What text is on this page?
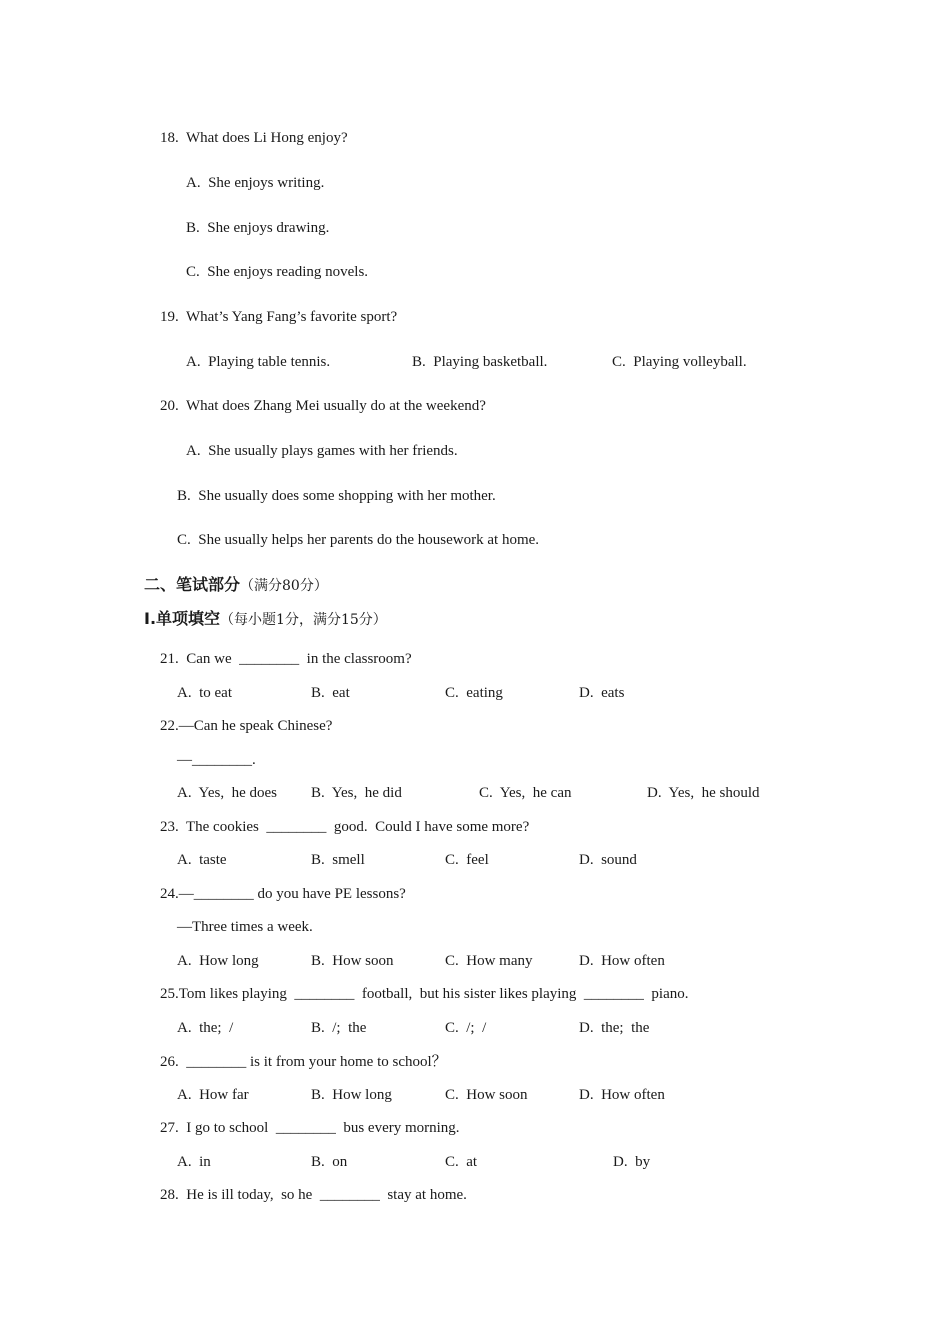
18.  What does Li Hong enjoy?
A.  She enjoys writing.
B.  She enjoys drawing.
C.  She enjoys reading novels.
19.  What’s Yang Fang’s favorite sport?
A.  Playing table tennis.	B.  Playing basketball.	C.  Playing volleyball.
20.  What does Zhang Mei usually do at the weekend?
A.  She usually plays games with her friends.
B.  She usually does some shopping with her mother.
C.  She usually helps her parents do the housework at home.
二、笔试部分（满分80分）
I.单项填空（每小题1分，满分15分）
21.  Can we  ________  in the classroom?
A.  to eat	B.  eat	C.  eating	D.  eats
22.—Can he speak Chinese?
—________.
A.  Yes,  he does B.  Yes,  he did	C.  Yes,  he can	D.  Yes,  he should
23.  The cookies  ________  good.  Could I have some more?
A.  taste	B.  smell	C.  feel	D.  sound
24.—________ do you have PE lessons?
—Three times a week.
A.  How long	B.  How soon	C.  How many	D.  How often
25.Tom likes playing  ________  football,  but his sister likes playing  ________  piano.
A.  the;  /	B.  /;  the	C.  /;  /	D.  the;  the
26.  ________ is it from your home to school？
A.  How far	B.  How long	C.  How soon	D.  How often
27.  I go to school  ________  bus every morning.
A.  in	B.  on	C.  at	D.  by
28.  He is ill today,  so he  ________  stay at home.
